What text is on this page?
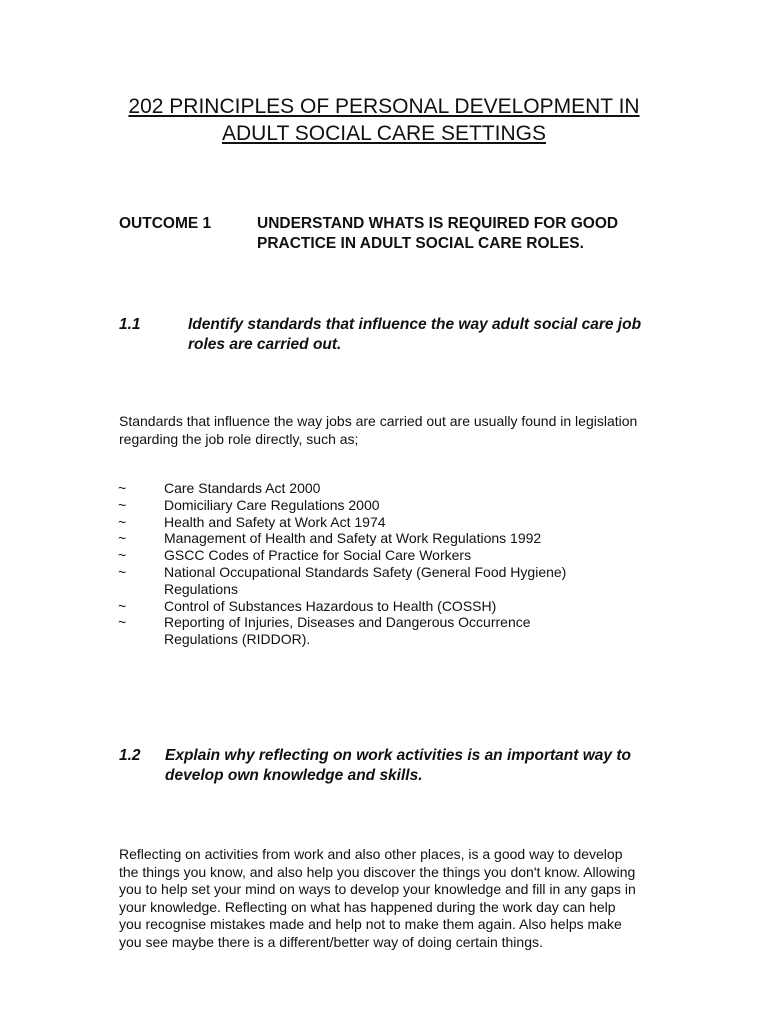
202 PRINCIPLES OF PERSONAL DEVELOPMENT IN
ADULT SOCIAL CARE SETTINGS
OUTCOME 1	UNDERSTAND WHATS IS REQUIRED FOR GOOD
PRACTICE IN ADULT SOCIAL CARE ROLES.
1.1	Identify standards that influence the way adult social care job
roles are carried out.
Standards that influence the way jobs are carried out are usually found in legislation
regarding the job role directly, such as;
~	Care Standards Act 2000
~	Domiciliary Care Regulations 2000
~	Health and Safety at Work Act 1974
~	Management of Health and Safety at Work Regulations 1992
~	GSCC Codes of Practice for Social Care Workers
~	National Occupational Standards Safety (General Food Hygiene)
Regulations
~	Control of Substances Hazardous to Health (COSSH)
~	Reporting of Injuries, Diseases and Dangerous Occurrence
Regulations (RIDDOR).
1.2 Explain why reflecting on work activities is an important way to
develop own knowledge and skills.
Reflecting on activities from work and also other places, is a good way to develop
the things you know, and also help you discover the things you don't know. Allowing
you to help set your mind on ways to develop your knowledge and fill in any gaps in
your knowledge. Reflecting on what has happened during the work day can help
you recognise mistakes made and help not to make them again. Also helps make
you see maybe there is a different/better way of doing certain things.
